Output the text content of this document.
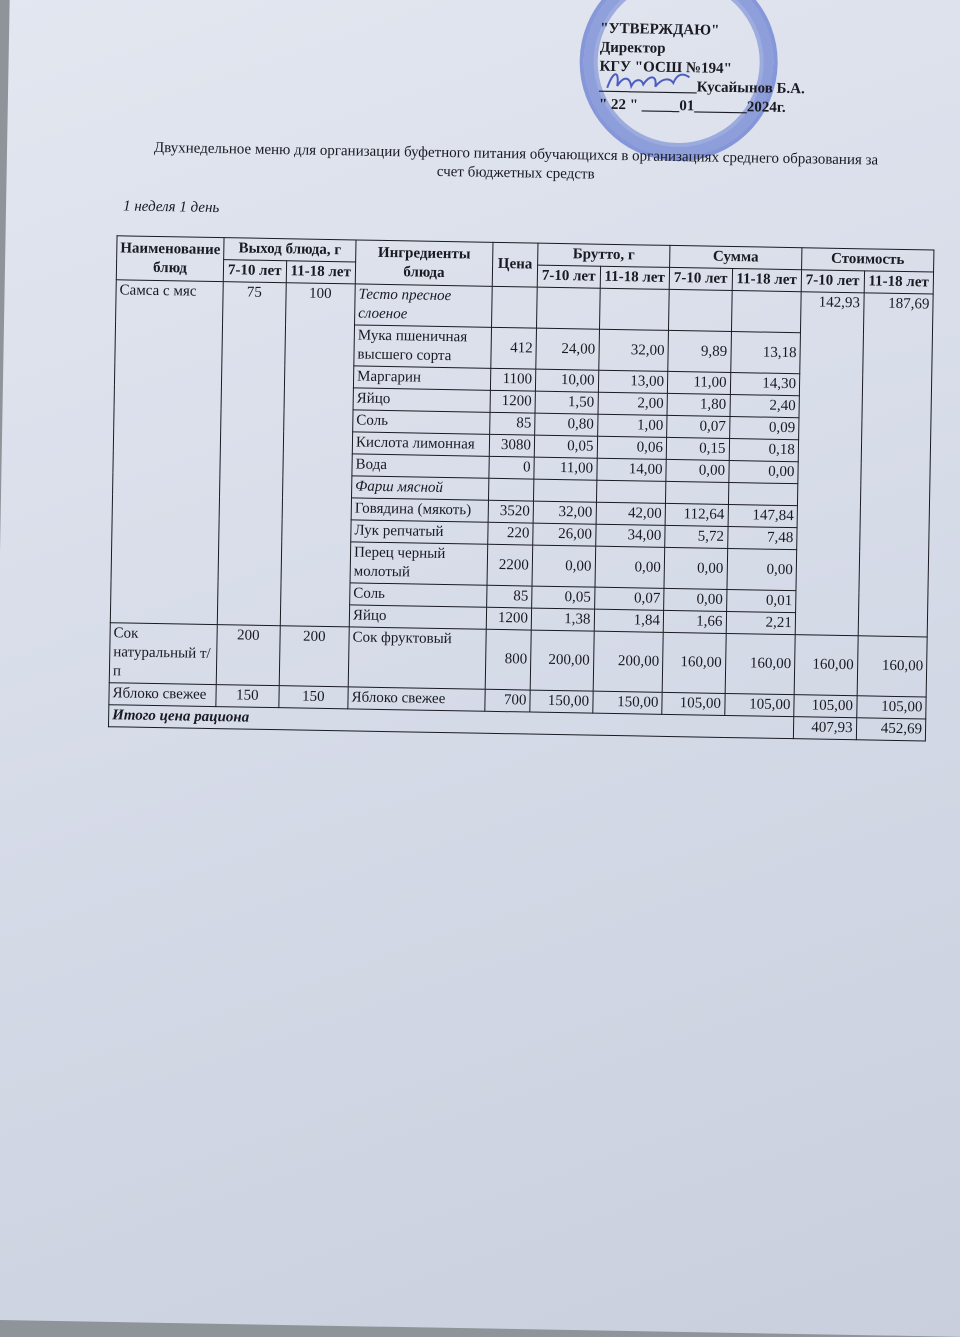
"УТВЕРЖДАЮ"
Директор
КГУ "ОСШ №194"
_____________Кусайынов Б.А.
" 22 " _____01_______2024г.
Двухнедельное меню для организации буфетного питания обучающихся в организациях среднего образования за счет бюджетных средств
1 неделя 1 день
Наименование блюд	Выход блюда, г		Ингредиенты блюда	Цена	Брутто, г		Сумма		Стоимость	
	7-10 лет	11-18 лет			7-10 лет	11-18 лет	7-10 лет	11-18 лет	7-10 лет	11-18 лет
Самса с мяс	75	100	Тесто пресное слоеное						142,93	187,69
			Мука пшеничная высшего сорта	412	24,00	32,00	9,89	13,18		
			Маргарин	1100	10,00	13,00	11,00	14,30		
			Яйцо	1200	1,50	2,00	1,80	2,40		
			Соль	85	0,80	1,00	0,07	0,09		
			Кислота лимонная	3080	0,05	0,06	0,15	0,18		
			Вода	0	11,00	14,00	0,00	0,00		
			Фарш мясной							
			Говядина (мякоть)	3520	32,00	42,00	112,64	147,84		
			Лук репчатый	220	26,00	34,00	5,72	7,48		
			Перец черный молотый	2200	0,00	0,00	0,00	0,00		
			Соль	85	0,05	0,07	0,00	0,01		
			Яйцо	1200	1,38	1,84	1,66	2,21		
Сок натуральный т/п	200	200	Сок фруктовый	800	200,00	200,00	160,00	160,00	160,00	160,00
Яблоко свежее	150	150	Яблоко свежее	700	150,00	150,00	105,00	105,00	105,00	105,00
Итого цена рациона									407,93	452,69
